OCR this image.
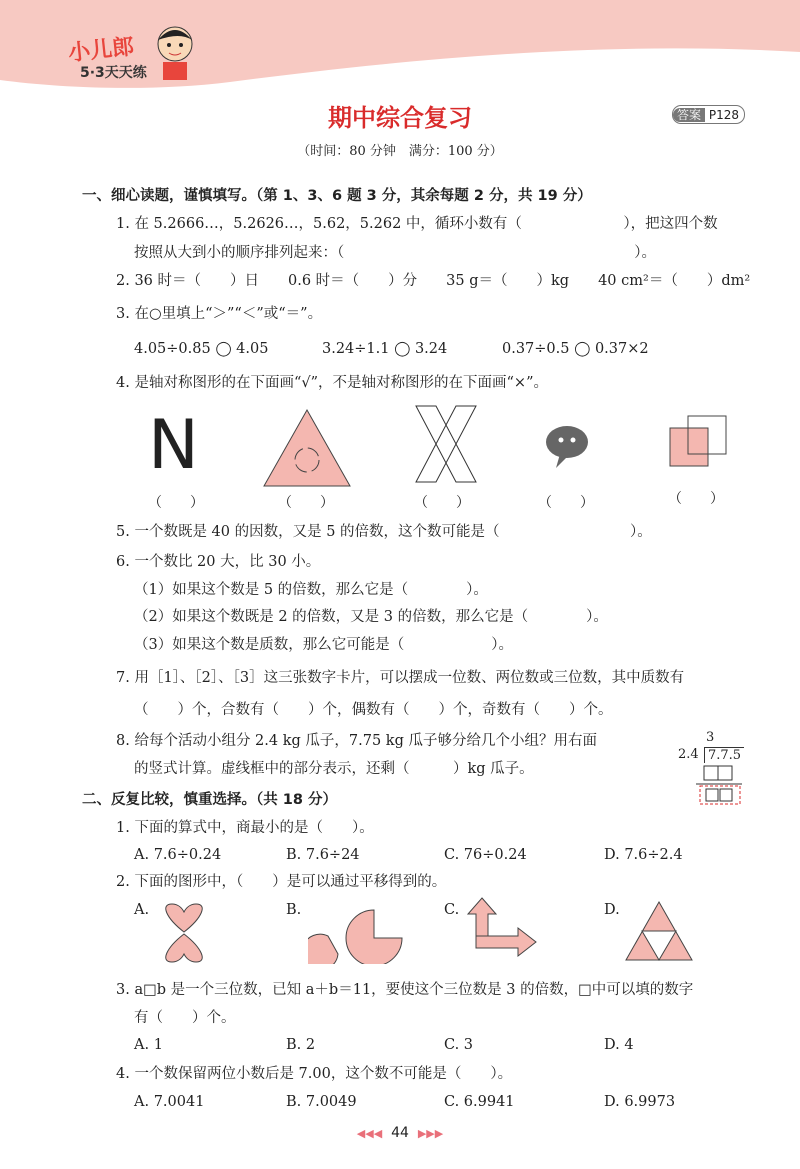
小儿郎
5·3天天练
期中综合复习	答案 P128
（时间：80 分钟　满分：100 分）
一、细心读题，谨慎填写。（第 1、3、6 题 3 分，其余每题 2 分，共 19 分）
1. 在 5.2666…，5.2626…，5.62，5.262 中，循环小数有（　　　　　　　），把这四个数
按照从大到小的顺序排列起来：（　　　　　　　　　　　　　　　　　　　　）。
2. 36 时＝（　　）日　　0.6 时＝（　　）分　　35 g＝（　　）kg　　40 cm²＝（　　）dm²
3. 在○里填上“＞”“＜”或“＝”。
4.05÷0.85 ◯ 4.05	3.24÷1.1 ◯ 3.24	0.37÷0.5 ◯ 0.37×2
4. 是轴对称图形的在下面画“√”，不是轴对称图形的在下面画“×”。
N
（　　）	（　　）	（　　）	（　　）	（　　）
5. 一个数既是 40 的因数，又是 5 的倍数，这个数可能是（　　　　　　　　　）。
6. 一个数比 20 大，比 30 小。
（1）如果这个数是 5 的倍数，那么它是（　　　　）。
（2）如果这个数既是 2 的倍数，又是 3 的倍数，那么它是（　　　　）。
（3）如果这个数是质数，那么它可能是（　　　　　　）。
7. 用［1］、［2］、［3］这三张数字卡片，可以摆成一位数、两位数或三位数，其中质数有
（　　）个，合数有（　　）个，偶数有（　　）个，奇数有（　　）个。
8. 给每个活动小组分 2.4 kg 瓜子，7.75 kg 瓜子够分给几个小组？用右面
的竖式计算。虚线框中的部分表示，还剩（　　　）kg 瓜子。
3
2.4 7.7.5
二、反复比较，慎重选择。（共 18 分）
1. 下面的算式中，商最小的是（　　）。
A. 7.6÷0.24	B. 7.6÷24	C. 76÷0.24	D. 7.6÷2.4
2. 下面的图形中，（　　）是可以通过平移得到的。
A.	B.	C.	D.
3. a□b 是一个三位数，已知 a＋b＝11，要使这个三位数是 3 的倍数，□中可以填的数字
有（　　）个。
A. 1	B. 2	C. 3	D. 4
4. 一个数保留两位小数后是 7.00，这个数不可能是（　　）。
A. 7.0041	B. 7.0049	C. 6.9941	D. 6.9973
◀◀◀ 44 ▶▶▶
